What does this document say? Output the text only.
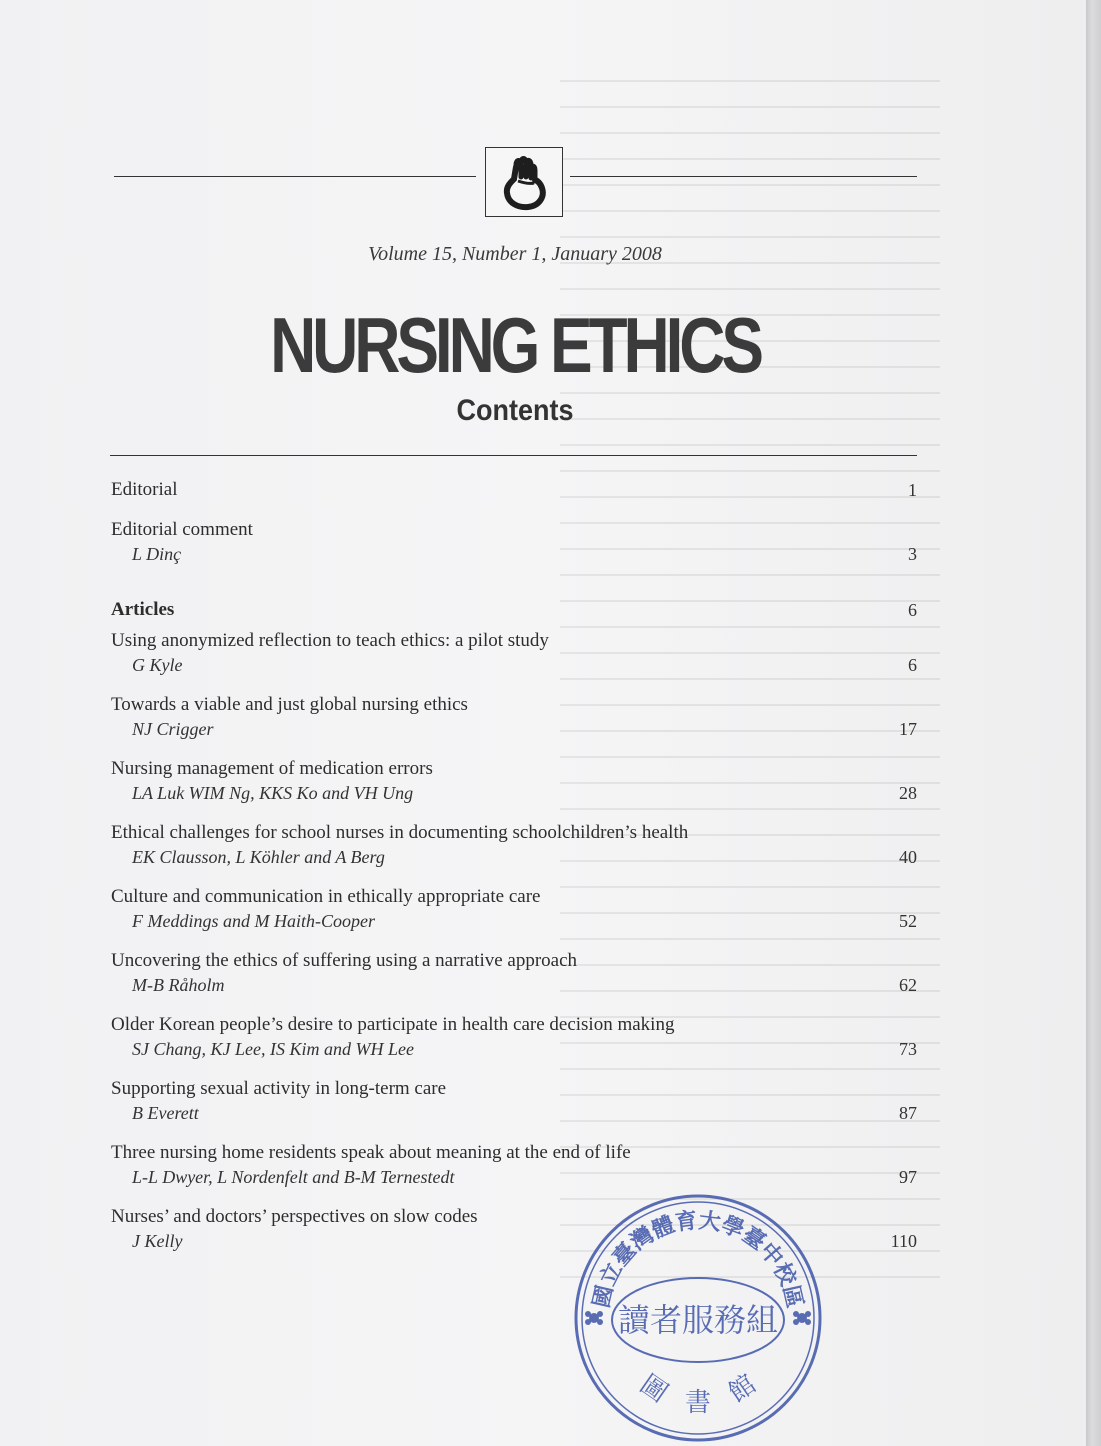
Volume 15, Number 1, January 2008
NURSING ETHICS
Contents
Editorial	1
Editorial comment
L Dinç	3
Articles	6
Using anonymized reflection to teach ethics: a pilot study
G Kyle	6
Towards a viable and just global nursing ethics
NJ Crigger	17
Nursing management of medication errors
LA Luk WIM Ng, KKS Ko and VH Ung	28
Ethical challenges for school nurses in documenting schoolchildren’s health
EK Clausson, L Köhler and A Berg	40
Culture and communication in ethically appropriate care
F Meddings and M Haith-Cooper	52
Uncovering the ethics of suffering using a narrative approach
M-B Råholm	62
Older Korean people’s desire to participate in health care decision making
SJ Chang, KJ Lee, IS Kim and WH Lee	73
Supporting sexual activity in long-term care
B Everett	87
Three nursing home residents speak about meaning at the end of life
L-L Dwyer, L Nordenfelt and B-M Ternestedt	97
Nurses’ and doctors’ perspectives on slow codes
J Kelly	110
國立臺灣體育大學臺中校區
讀者服務組
圖　書　館
